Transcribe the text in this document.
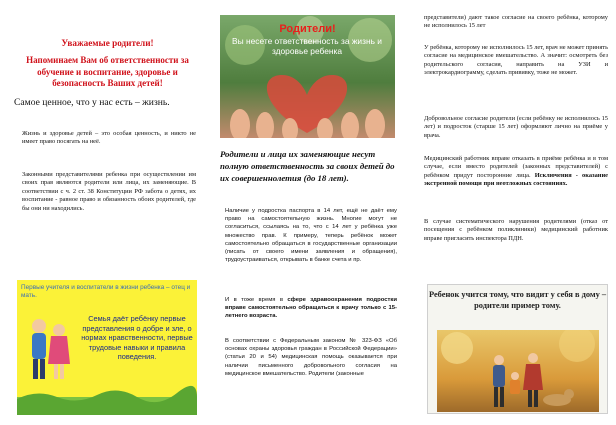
Уважаемые родители!
Напоминаем Вам об ответственности за обучение и воспитание, здоровье и безопасность Ваших детей!
Самое ценное, что у нас есть – жизнь.
Жизнь и здоровье детей – это особая ценность, и никто не имеет право посягать на неё.
Законными представителями ребенка при осуществлении им своих прав являются родители или лица, их заменяющие. В соответствии с ч. 2 ст. 38 Конституции РФ забота о детях, их воспитание - равное право и обязанность обоих родителей, где бы они ни находились.
Первые учителя и воспитатели в жизни ребенка – отец и мать.
Семья даёт ребёнку первые представления о добре и зле, о нормах нравственности, первые трудовые навыки и правила поведения.
Родители!
Вы несете ответственность за жизнь и здоровье ребенка
Родители и лица их заменяющие несут полную ответственность за своих детей до их совершеннолетия (до 18 лет).
Наличие у подростка паспорта в 14 лет, ещё не даёт ему право на самостоятельную жизнь. Многие могут не согласиться, ссылаясь на то, что с 14 лет у ребёнка уже множество прав. К примеру, теперь ребёнок может самостоятельно обращаться в государственные организации (писать от своего имени заявления и обращения), трудоустраиваться, открывать в банке счета и пр.
И в тоже время в сфере здравоохранения подростки вправе самостоятельно обращаться к врачу только с 15-летнего возраста.
В соответствии с Федеральным законом № 323-ФЗ «Об основах охраны здоровья граждан в Российской Федерации» (статьи 20 и 54) медицинская помощь оказывается при наличии письменного добровольного согласия на медицинское вмешательство. Родители (законные
представители) дают такое согласие на своего ребёнка, которому не исполнилось 15 лет
У ребёнка, которому не исполнилось 15 лет, врач не может принять согласие на медицинское вмешательство. А значит: осмотреть без родительского согласия, направить на УЗИ и электрокардиограмму, сделать прививку, тоже не может.
Добровольное согласие родители (если ребёнку не исполнилось 15 лет) и подросток (старше 15 лет) оформляют лично на приёме у врача.
Медицинский работник вправе отказать в приёме ребёнка и в том случае, если вместо родителей (законных представителей) с ребёнком придут посторонние лица. Исключения - оказание экстренной помощи при неотложных состояниях.
В случае систематического нарушения родителями (отказ от посещения с ребёнком поликлиники) медицинский работник вправе пригласить инспектора ПДН.
Ребенок учится тому, что видит у себя в дому – родители пример тому.
